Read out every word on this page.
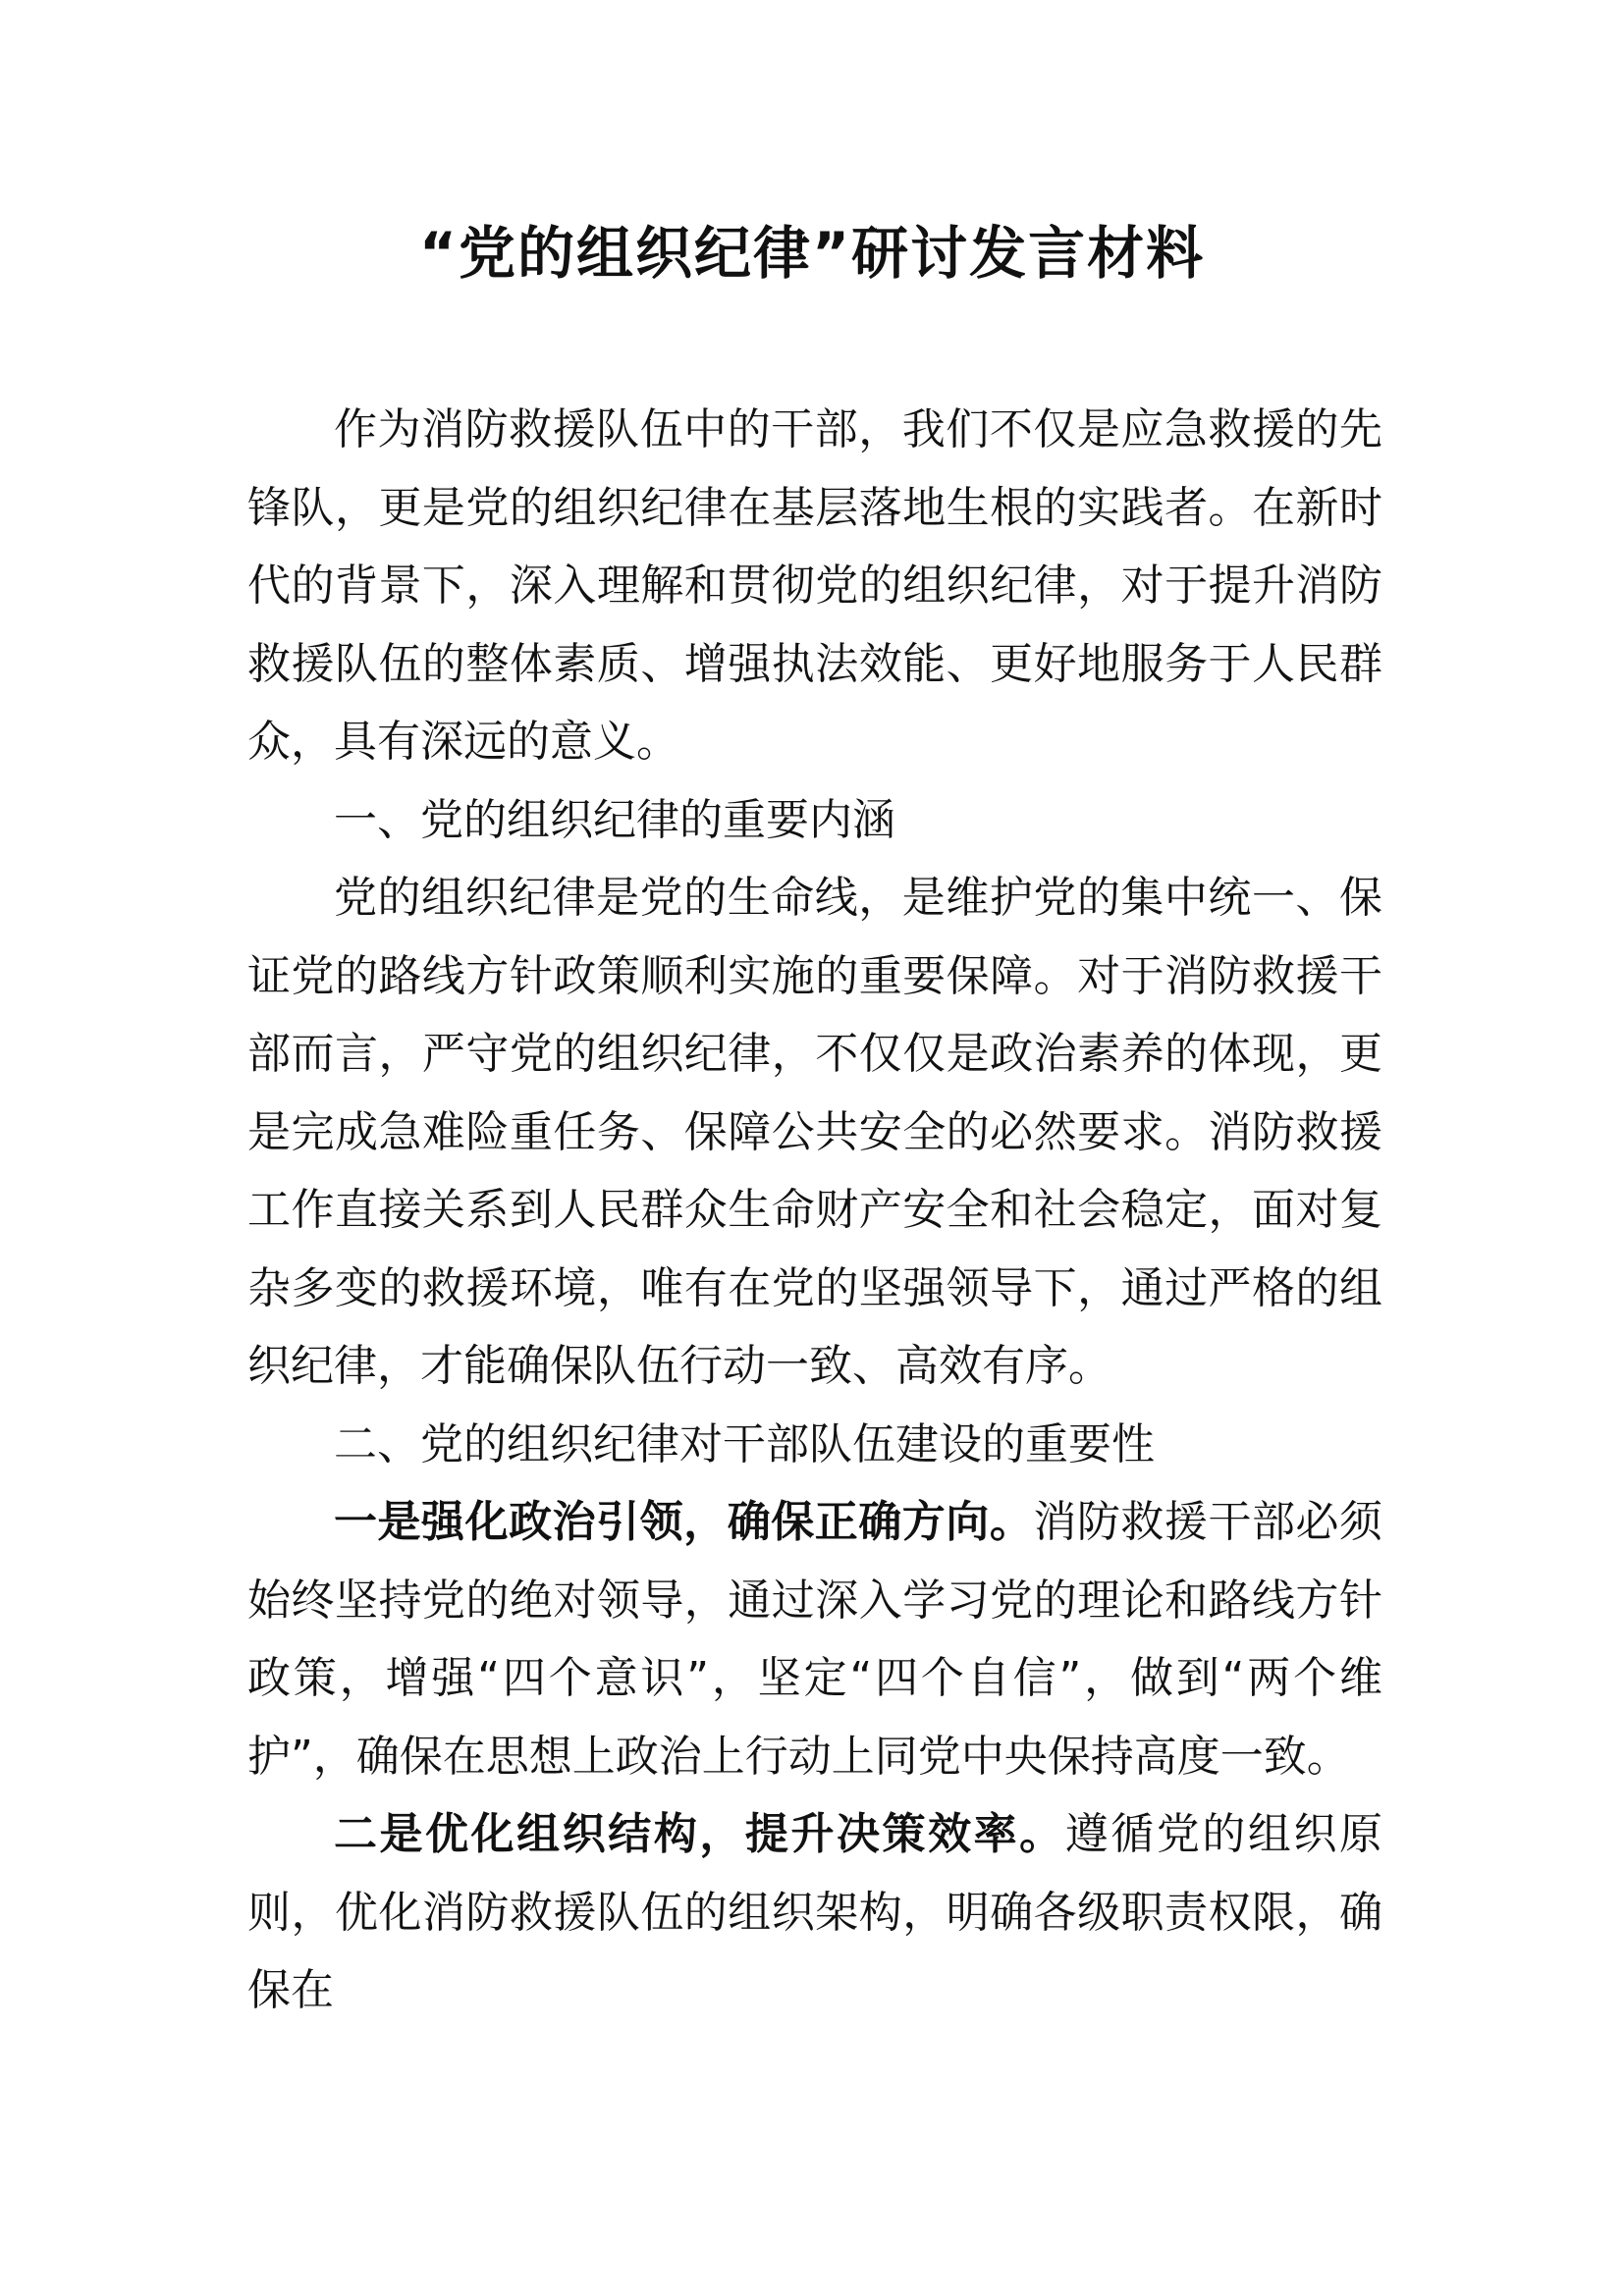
“党的组织纪律”研讨发言材料

作为消防救援队伍中的干部，我们不仅是应急救援的先锋队，更是党的组织纪律在基层落地生根的实践者。在新时代的背景下，深入理解和贯彻党的组织纪律，对于提升消防救援队伍的整体素质、增强执法效能、更好地服务于人民群众，具有深远的意义。

一、党的组织纪律的重要内涵

党的组织纪律是党的生命线，是维护党的集中统一、保证党的路线方针政策顺利实施的重要保障。对于消防救援干部而言，严守党的组织纪律，不仅仅是政治素养的体现，更是完成急难险重任务、保障公共安全的必然要求。消防救援工作直接关系到人民群众生命财产安全和社会稳定，面对复杂多变的救援环境，唯有在党的坚强领导下，通过严格的组织纪律，才能确保队伍行动一致、高效有序。

二、党的组织纪律对干部队伍建设的重要性

一是强化政治引领，确保正确方向。消防救援干部必须始终坚持党的绝对领导，通过深入学习党的理论和路线方针政策，增强“四个意识”，坚定“四个自信”，做到“两个维护”，确保在思想上政治上行动上同党中央保持高度一致。

二是优化组织结构，提升决策效率。遵循党的组织原则，优化消防救援队伍的组织架构，明确各级职责权限，确保在
